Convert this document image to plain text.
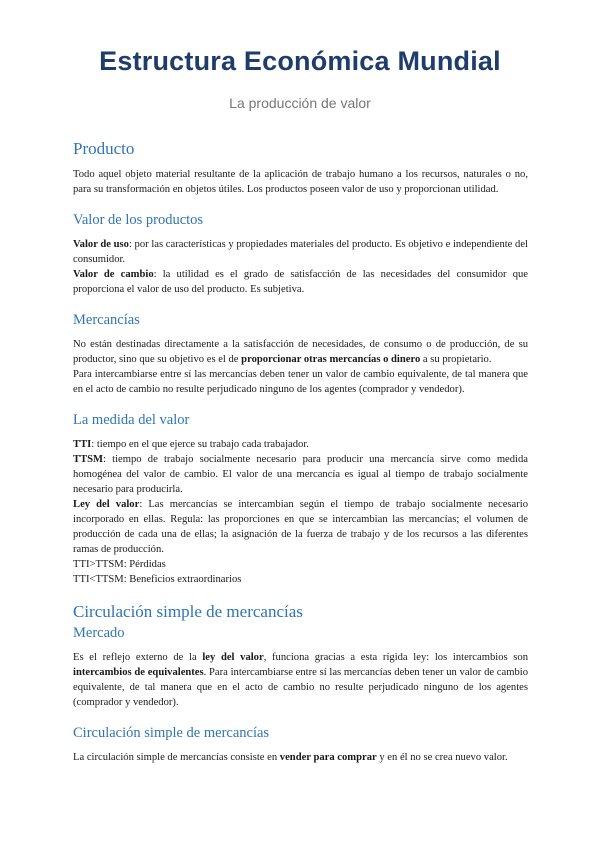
Estructura Económica Mundial
La producción de valor
Producto

Todo aquel objeto material resultante de la aplicación de trabajo humano a los recursos, naturales o no, para su transformación en objetos útiles. Los productos poseen valor de uso y proporcionan utilidad.

Valor de los productos

Valor de uso: por las características y propiedades materiales del producto. Es objetivo e independiente del consumidor.

Valor de cambio: la utilidad es el grado de satisfacción de las necesidades del consumidor que proporciona el valor de uso del producto. Es subjetiva.

Mercancías

No están destinadas directamente a la satisfacción de necesidades, de consumo o de producción, de su productor, sino que su objetivo es el de proporcionar otras mercancías o dinero a su propietario.

Para intercambiarse entre sí las mercancías deben tener un valor de cambio equivalente, de tal manera que en el acto de cambio no resulte perjudicado ninguno de los agentes (comprador y vendedor).

La medida del valor

TTI: tiempo en el que ejerce su trabajo cada trabajador.

TTSM: tiempo de trabajo socialmente necesario para producir una mercancía sirve como medida homogénea del valor de cambio. El valor de una mercancía es igual al tiempo de trabajo socialmente necesario para producirla.

Ley del valor: Las mercancías se intercambian según el tiempo de trabajo socialmente necesario incorporado en ellas. Regula: las proporciones en que se intercambian las mercancías; el volumen de producción de cada una de ellas; la asignación de la fuerza de trabajo y de los recursos a las diferentes ramas de producción.

TTI>TTSM: Pérdidas

TTI<TTSM: Beneficios extraordinarios

Circulación simple de mercancías
Mercado

Es el reflejo externo de la ley del valor, funciona gracias a esta rígida ley: los intercambios son intercambios de equivalentes. Para intercambiarse entre sí las mercancías deben tener un valor de cambio equivalente, de tal manera que en el acto de cambio no resulte perjudicado ninguno de los agentes (comprador y vendedor).

Circulación simple de mercancías

La circulación simple de mercancías consiste en vender para comprar y en él no se crea nuevo valor.
